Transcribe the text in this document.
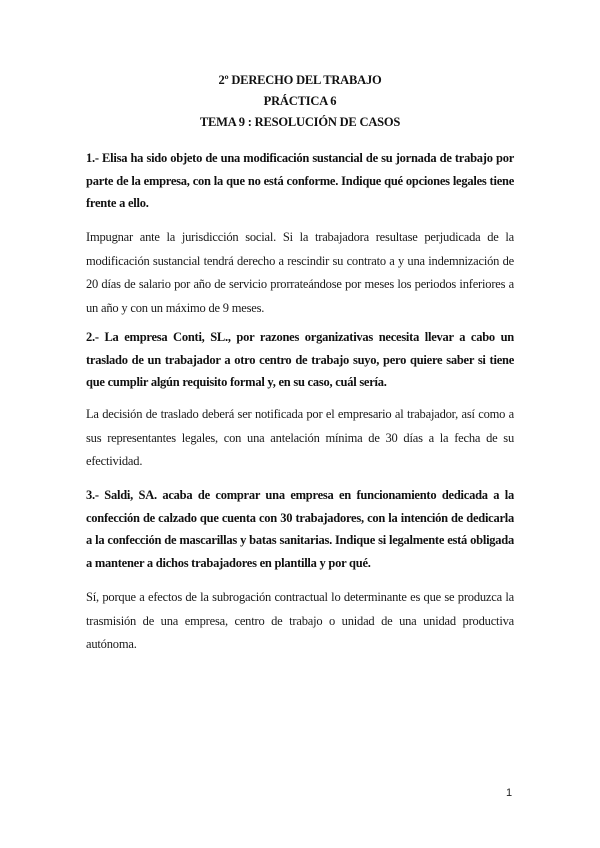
2º DERECHO DEL TRABAJO
PRÁCTICA 6
TEMA 9 : RESOLUCIÓN DE CASOS
1.- Elisa ha sido objeto de una modificación sustancial de su jornada de trabajo por parte de la empresa, con la que no está conforme. Indique qué opciones legales tiene frente a ello.
Impugnar ante la jurisdicción social. Si la trabajadora resultase perjudicada de la modificación sustancial tendrá derecho a rescindir su contrato a y una indemnización de 20 días de salario por año de servicio prorrateándose por meses los periodos inferiores a un año y con un máximo de 9 meses.
2.- La empresa Conti, SL., por razones organizativas necesita llevar a cabo un traslado de un trabajador a otro centro de trabajo suyo, pero quiere saber si tiene que cumplir algún requisito formal y, en su caso, cuál sería.
La decisión de traslado deberá ser notificada por el empresario al trabajador, así como a sus representantes legales, con una antelación mínima de 30 días a la fecha de su efectividad.
3.- Saldi, SA. acaba de comprar una empresa en funcionamiento dedicada a la confección de calzado que cuenta con 30 trabajadores, con la intención de dedicarla a la confección de mascarillas y batas sanitarias. Indique si legalmente está obligada a mantener a dichos trabajadores en plantilla y por qué.
Sí, porque a efectos de la subrogación contractual lo determinante es que se produzca la trasmisión de una empresa, centro de trabajo o unidad de una unidad productiva autónoma.
1
